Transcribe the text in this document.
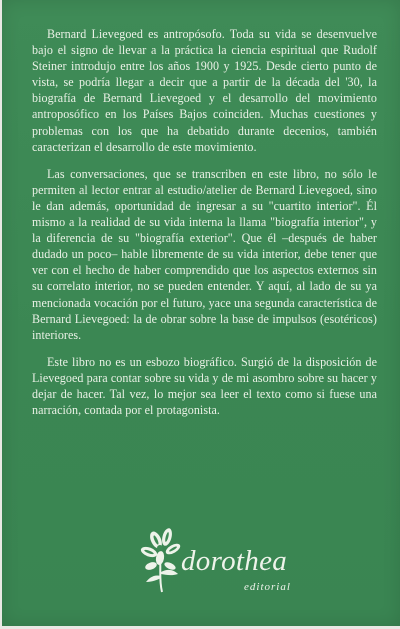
Bernard Lievegoed es antropósofo. Toda su vida se desenvuelve bajo el signo de llevar a la práctica la ciencia espiritual que Rudolf Steiner introdujo entre los años 1900 y 1925. Desde cierto punto de vista, se podría llegar a decir que a partir de la década del '30, la biografía de Bernard Lievegoed y el desarrollo del movimiento antroposófico en los Países Bajos coinciden. Muchas cuestiones y problemas con los que ha debatido durante decenios, también caracterizan el desarrollo de este movimiento.

Las conversaciones, que se transcriben en este libro, no sólo le permiten al lector entrar al estudio/atelier de Bernard Lievegoed, sino le dan además, oportunidad de ingresar a su "cuartito interior". Él mismo a la realidad de su vida interna la llama "biografía interior", y la diferencia de su "biografía exterior". Que él –después de haber dudado un poco– hable libremente de su vida interior, debe tener que ver con el hecho de haber comprendido que los aspectos externos sin su correlato interior, no se pueden entender. Y aquí, al lado de su ya mencionada vocación por el futuro, yace una segunda característica de Bernard Lievegoed: la de obrar sobre la base de impulsos (esotéricos) interiores.

Este libro no es un esbozo biográfico. Surgió de la disposición de Lievegoed para contar sobre su vida y de mi asombro sobre su hacer y dejar de hacer. Tal vez, lo mejor sea leer el texto como si fuese una narración, contada por el protagonista.

dorothea
editorial
